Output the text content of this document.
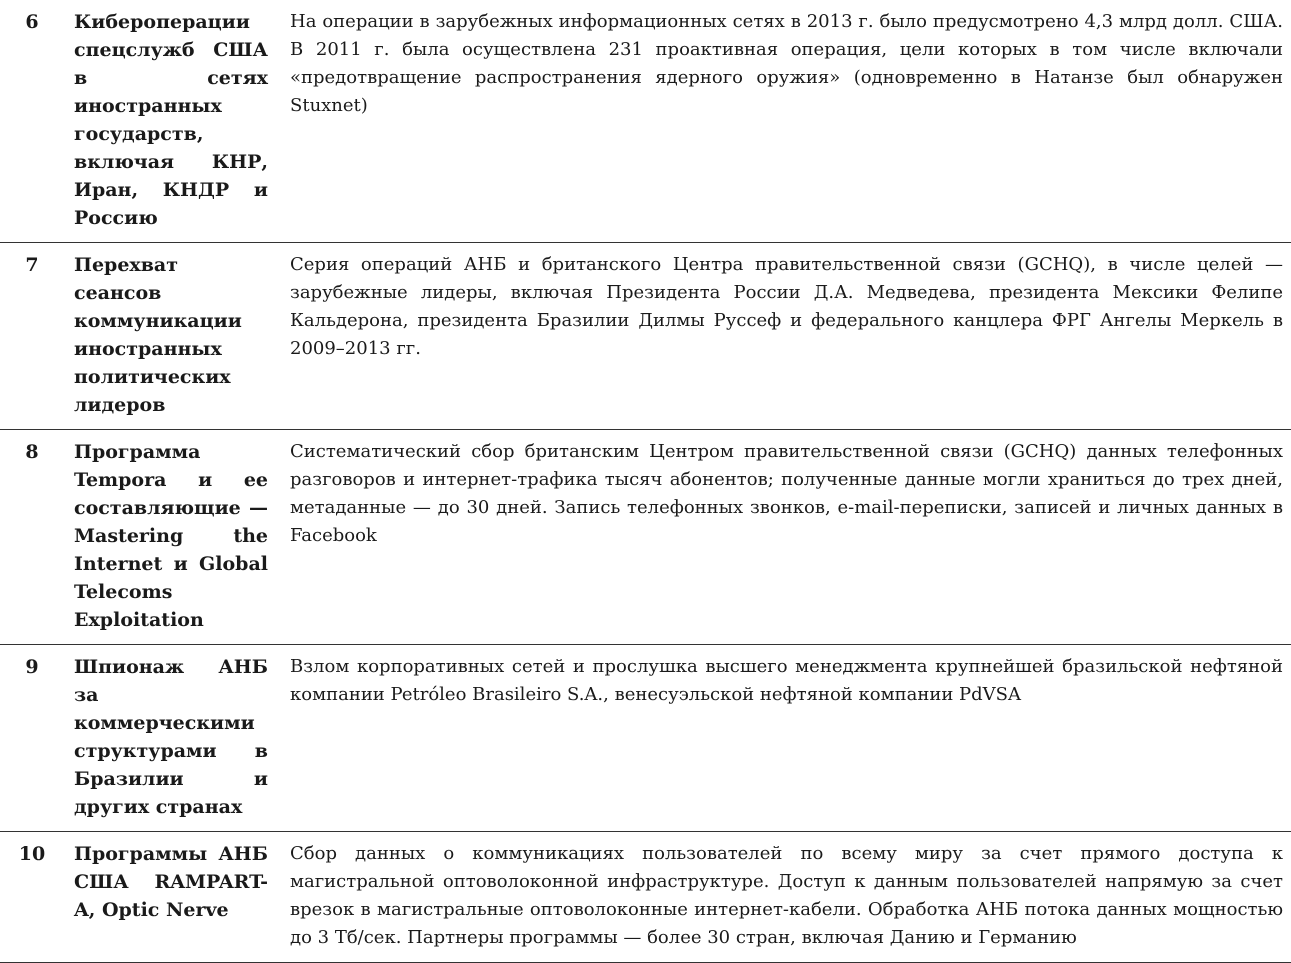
6	Кибероперации спецслужб США в сетях иностранных государств, включая КНР, Иран, КНДР и Россию	На операции в зарубежных информационных сетях в 2013 г. было предусмотрено 4,3 млрд долл. США. В 2011 г. была осуществлена 231 проактивная операция, цели которых в том числе включали «предотвращение распространения ядерного оружия» (одновременно в Натанзе был обнаружен Stuxnet)
7	Перехват сеансов коммуникации иностранных политических лидеров	Серия операций АНБ и британского Центра правительственной связи (GCHQ), в числе целей — зарубежные лидеры, включая Президента России Д.А. Медведева, президента Мексики Фелипе Кальдерона, президента Бразилии Дилмы Руссеф и федерального канцлера ФРГ Ангелы Меркель в 2009–2013 гг.
8	Программа Tempora и ее составляющие — Mastering the Internet и Global Telecoms Exploitation	Систематический сбор британским Центром правительственной связи (GCHQ) данных телефонных разговоров и интернет-трафика тысяч абонентов; полученные данные могли храниться до трех дней, метаданные — до 30 дней. Запись телефонных звонков, e-mail-переписки, записей и личных данных в Facebook
9	Шпионаж АНБ за коммерческими структурами в Бразилии и других странах	Взлом корпоративных сетей и прослушка высшего менеджмента крупнейшей бразильской нефтяной компании Petróleo Brasileiro S.A., венесуэльской нефтяной компании PdVSA
10	Программы АНБ США RAMPART-A, Optic Nerve	Сбор данных о коммуникациях пользователей по всему миру за счет прямого доступа к магистральной оптоволоконной инфраструктуре. Доступ к данным пользователей напрямую за счет врезок в магистральные оптоволоконные интернет-кабели. Обработка АНБ потока данных мощностью до 3 Тб/сек. Партнеры программы — более 30 стран, включая Данию и Германию
